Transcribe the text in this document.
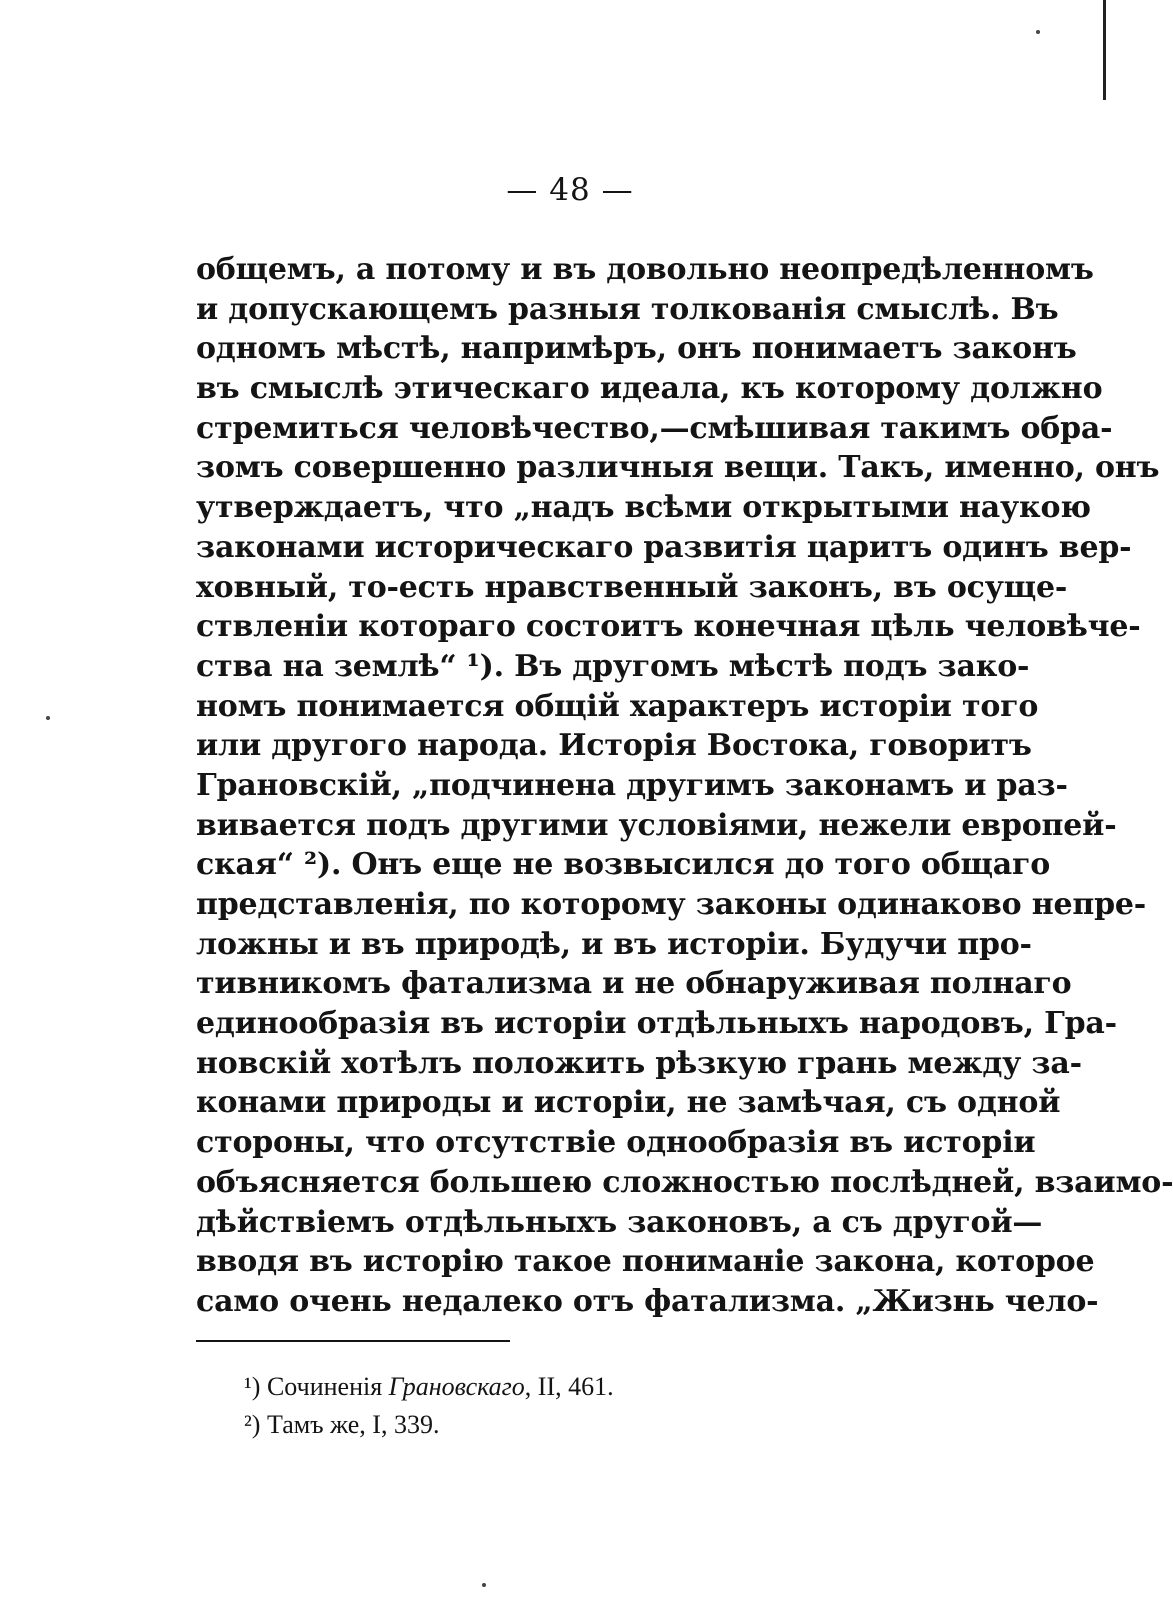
— 48 —
общемъ, а потому и въ довольно неопредѣленномъ
и допускающемъ разныя толкованія смыслѣ. Въ
одномъ мѣстѣ, напримѣръ, онъ понимаетъ законъ
въ смыслѣ этическаго идеала, къ которому должно
стремиться человѣчество,—смѣшивая такимъ обра-
зомъ совершенно различныя вещи. Такъ, именно, онъ
утверждаетъ, что „надъ всѣми открытыми наукою
законами историческаго развитія царитъ одинъ вер-
ховный, то-есть нравственный законъ, въ осуще-
ствленіи котораго состоитъ конечная цѣль человѣче-
ства на землѣ“ ¹). Въ другомъ мѣстѣ подъ зако-
номъ понимается общій характеръ исторіи того
или другого народа. Исторія Востока, говоритъ
Грановскій, „подчинена другимъ законамъ и раз-
вивается подъ другими условіями, нежели европей-
ская“ ²). Онъ еще не возвысился до того общаго
представленія, по которому законы одинаково непре-
ложны и въ природѣ, и въ исторіи. Будучи про-
тивникомъ фатализма и не обнаруживая полнаго
единообразія въ исторіи отдѣльныхъ народовъ, Гра-
новскій хотѣлъ положить рѣзкую грань между за-
конами природы и исторіи, не замѣчая, съ одной
стороны, что отсутствіе однообразія въ исторіи
объясняется большею сложностью послѣдней, взаимо-
дѣйствіемъ отдѣльныхъ законовъ, а съ другой—
вводя въ исторію такое пониманіе закона, которое
само очень недалеко отъ фатализма. „Жизнь чело-
¹) Сочиненія Грановскаго, II, 461.
²) Тамъ же, I, 339.
